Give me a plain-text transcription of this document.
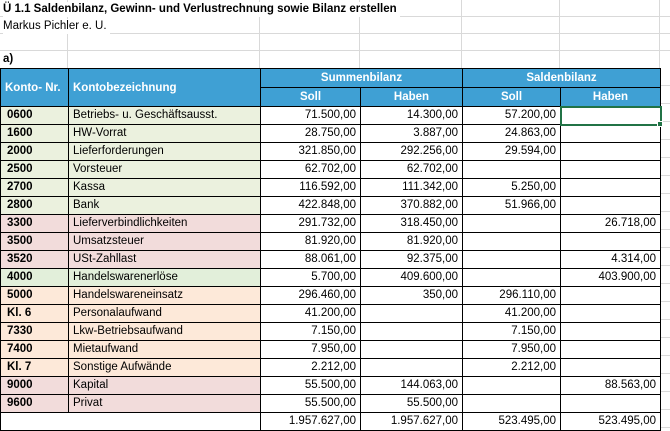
Ü 1.1 Saldenbilanz, Gewinn- und Verlustrechnung sowie Bilanz erstellen
Markus Pichler e. U.
a)
Konto- Nr.	Kontobezeichnung	Summenbilanz		Saldenbilanz	
		Soll	Haben	Soll	Haben
0600	Betriebs- u. Geschäftsausst.	71.500,00	14.300,00	57.200,00	
1600	HW-Vorrat	28.750,00	3.887,00	24.863,00	
2000	Lieferforderungen	321.850,00	292.256,00	29.594,00	
2500	Vorsteuer	62.702,00	62.702,00		
2700	Kassa	116.592,00	111.342,00	5.250,00	
2800	Bank	422.848,00	370.882,00	51.966,00	
3300	Lieferverbindlichkeiten	291.732,00	318.450,00		26.718,00
3500	Umsatzsteuer	81.920,00	81.920,00		
3520	USt-Zahllast	88.061,00	92.375,00		4.314,00
4000	Handelswarenerlöse	5.700,00	409.600,00		403.900,00
5000	Handelswareneinsatz	296.460,00	350,00	296.110,00	
Kl. 6	Personalaufwand	41.200,00		41.200,00	
7330	Lkw-Betriebsaufwand	7.150,00		7.150,00	
7400	Mietaufwand	7.950,00		7.950,00	
Kl. 7	Sonstige Aufwände	2.212,00		2.212,00	
9000	Kapital	55.500,00	144.063,00		88.563,00
9600	Privat	55.500,00	55.500,00		
		1.957.627,00	1.957.627,00	523.495,00	523.495,00
